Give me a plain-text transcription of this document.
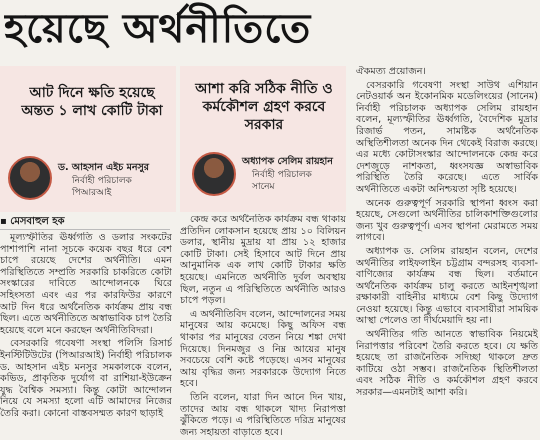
হয়েছে অর্থনীতিতে
আট দিনে ক্ষতি হয়েছে অন্তত ১ লাখ কোটি টাকা
ড. আহসান এইচ মনসুর
নির্বাহী পরিচালক
পিআরআই
আশা করি সঠিক নীতি ও কর্মকৌশল গ্রহণ করবে সরকার
অধ্যাপক সেলিম রায়হান
নির্বাহী পরিচালক
সানেম
▪ মেসবাহুল হক

মূল্যস্ফীতির ঊর্ধ্বগতি ও ডলার সংকটের পাশাপাশি নানা সূচকে কয়েক বছর ধরে বেশ চাপে রয়েছে দেশের অর্থনীতি। এমন পরিস্থিতিতে সম্প্রতি সরকারি চাকরিতে কোটা সংস্কারের দাবিতে আন্দোলনকে ঘিরে সহিংসতা এবং এর পর কারফিউর কারণে আট দিন ধরে অর্থনৈতিক কার্যক্রম প্রায় বন্ধ ছিল। এতে অর্থনীতিতে অস্বাভাবিক চাপ তৈরি হয়েছে বলে মনে করছেন অর্থনীতিবিদরা।

বেসরকারি গবেষণা সংস্থা পলিসি রিসার্চ ইনস্টিটিউটের (পিআরআই) নির্বাহী পরিচালক ড. আহসান এইচ মনসুর সমকালকে বলেন, কভিড, প্রাকৃতিক দুর্যোগ বা রাশিয়া-ইউক্রেন যুদ্ধ বৈশ্বিক সমস্যা। কিন্তু কোটা আন্দোলন নিয়ে যে সমস্যা হলো এটি আমাদের নিজের তৈরি করা। কোনো বাস্তবসম্মত কারণ ছাড়াই

কেন্দ্র করে অর্থনৈতিক কার্যক্রম বন্ধ থাকায় প্রতিদিন লোকসান হয়েছে প্রায় ১০ বিলিয়ন ডলার, স্থানীয় মুদ্রায় যা প্রায় ১২ হাজার কোটি টাকা। সেই হিসাবে আট দিনে প্রায় আনুমানিক এক লাখ কোটি টাকার ক্ষতি হয়েছে। এমনিতে অর্থনীতি দুর্বল অবস্থায় ছিল, নতুন এ পরিস্থিতিতে অর্থনীতি আরও চাপে পড়ল।

এ অর্থনীতিবিদ বলেন, আন্দোলনের সময় মানুষের আয় কমেছে। কিছু অফিস বন্ধ থাকার পর মানুষের বেতন নিয়ে শঙ্কা দেখা দিয়েছে। দিনমজুর ও নিম্ন আয়ের মানুষ সবচেয়ে বেশি কষ্টে পড়েছে। এসব মানুষের আয় বৃদ্ধির জন্য সরকারকে উদ্যোগ নিতে হবে।

তিনি বলেন, যারা দিন আনে দিন খায়, তাদের আয় বন্ধ থাকলে খাদ্য নিরাপত্তা ঝুঁকিতে পড়ে। এ পরিস্থিতিতে দরিদ্র মানুষের জন্য সহায়তা বাড়াতে হবে।

ঐকমত্য প্রয়োজন।

বেসরকারি গবেষণা সংস্থা সাউথ এশিয়ান নেটওয়ার্ক অন ইকোনমিক মডেলিংয়ের (সানেম) নির্বাহী পরিচালক অধ্যাপক সেলিম রায়হান বলেন, মূল্যস্ফীতির ঊর্ধ্বগতি, বৈদেশিক মুদ্রার রিজার্ভ পতন, সামষ্টিক অর্থনৈতিক অস্থিতিশীলতা অনেক দিন থেকেই বিরাজ করছে। এর মধ্যে কোটাসংস্কার আন্দোলনকে কেন্দ্র করে দেশজুড়ে নাশকতা, ধ্বংসযজ্ঞ অস্বাভাবিক পরিস্থিতি তৈরি করেছে। এতে সার্বিক অর্থনীতিতে একটা অনিশ্চয়তা সৃষ্টি হয়েছে।

অনেক গুরুত্বপূর্ণ সরকারি স্থাপনা ধ্বংস করা হয়েছে, সেগুলো অর্থনীতির চালিকাশক্তিগুলোর জন্য খুব গুরুত্বপূর্ণ। এসব স্থাপনা মেরামতে সময় লাগবে।

অধ্যাপক ড. সেলিম রায়হান বলেন, দেশের অর্থনীতির লাইফলাইন চট্টগ্রাম বন্দরসহ ব্যবসা-বাণিজ্যের কার্যক্রম বন্ধ ছিল। বর্তমানে অর্থনৈতিক কার্যক্রম চালু করতে আইনশৃঙ্খলা রক্ষাকারী বাহিনীর মাধ্যমে বেশ কিছু উদ্যোগ নেওয়া হয়েছে। কিন্তু এভাবে ব্যবসায়ীরা সাময়িক আস্থা পেলেও তা দীর্ঘমেয়াদি হয় না।

অর্থনীতির গতি আনতে স্বাভাবিক নিয়মেই নিরাপত্তার পরিবেশ তৈরি করতে হবে। যে ক্ষতি হয়েছে তা রাজনৈতিক সদিচ্ছা থাকলে দ্রুত কাটিয়ে ওঠা সম্ভব। রাজনৈতিক স্থিতিশীলতা এবং সঠিক নীতি ও কর্মকৌশল গ্রহণ করবে সরকার—এমনটাই আশা করি।
